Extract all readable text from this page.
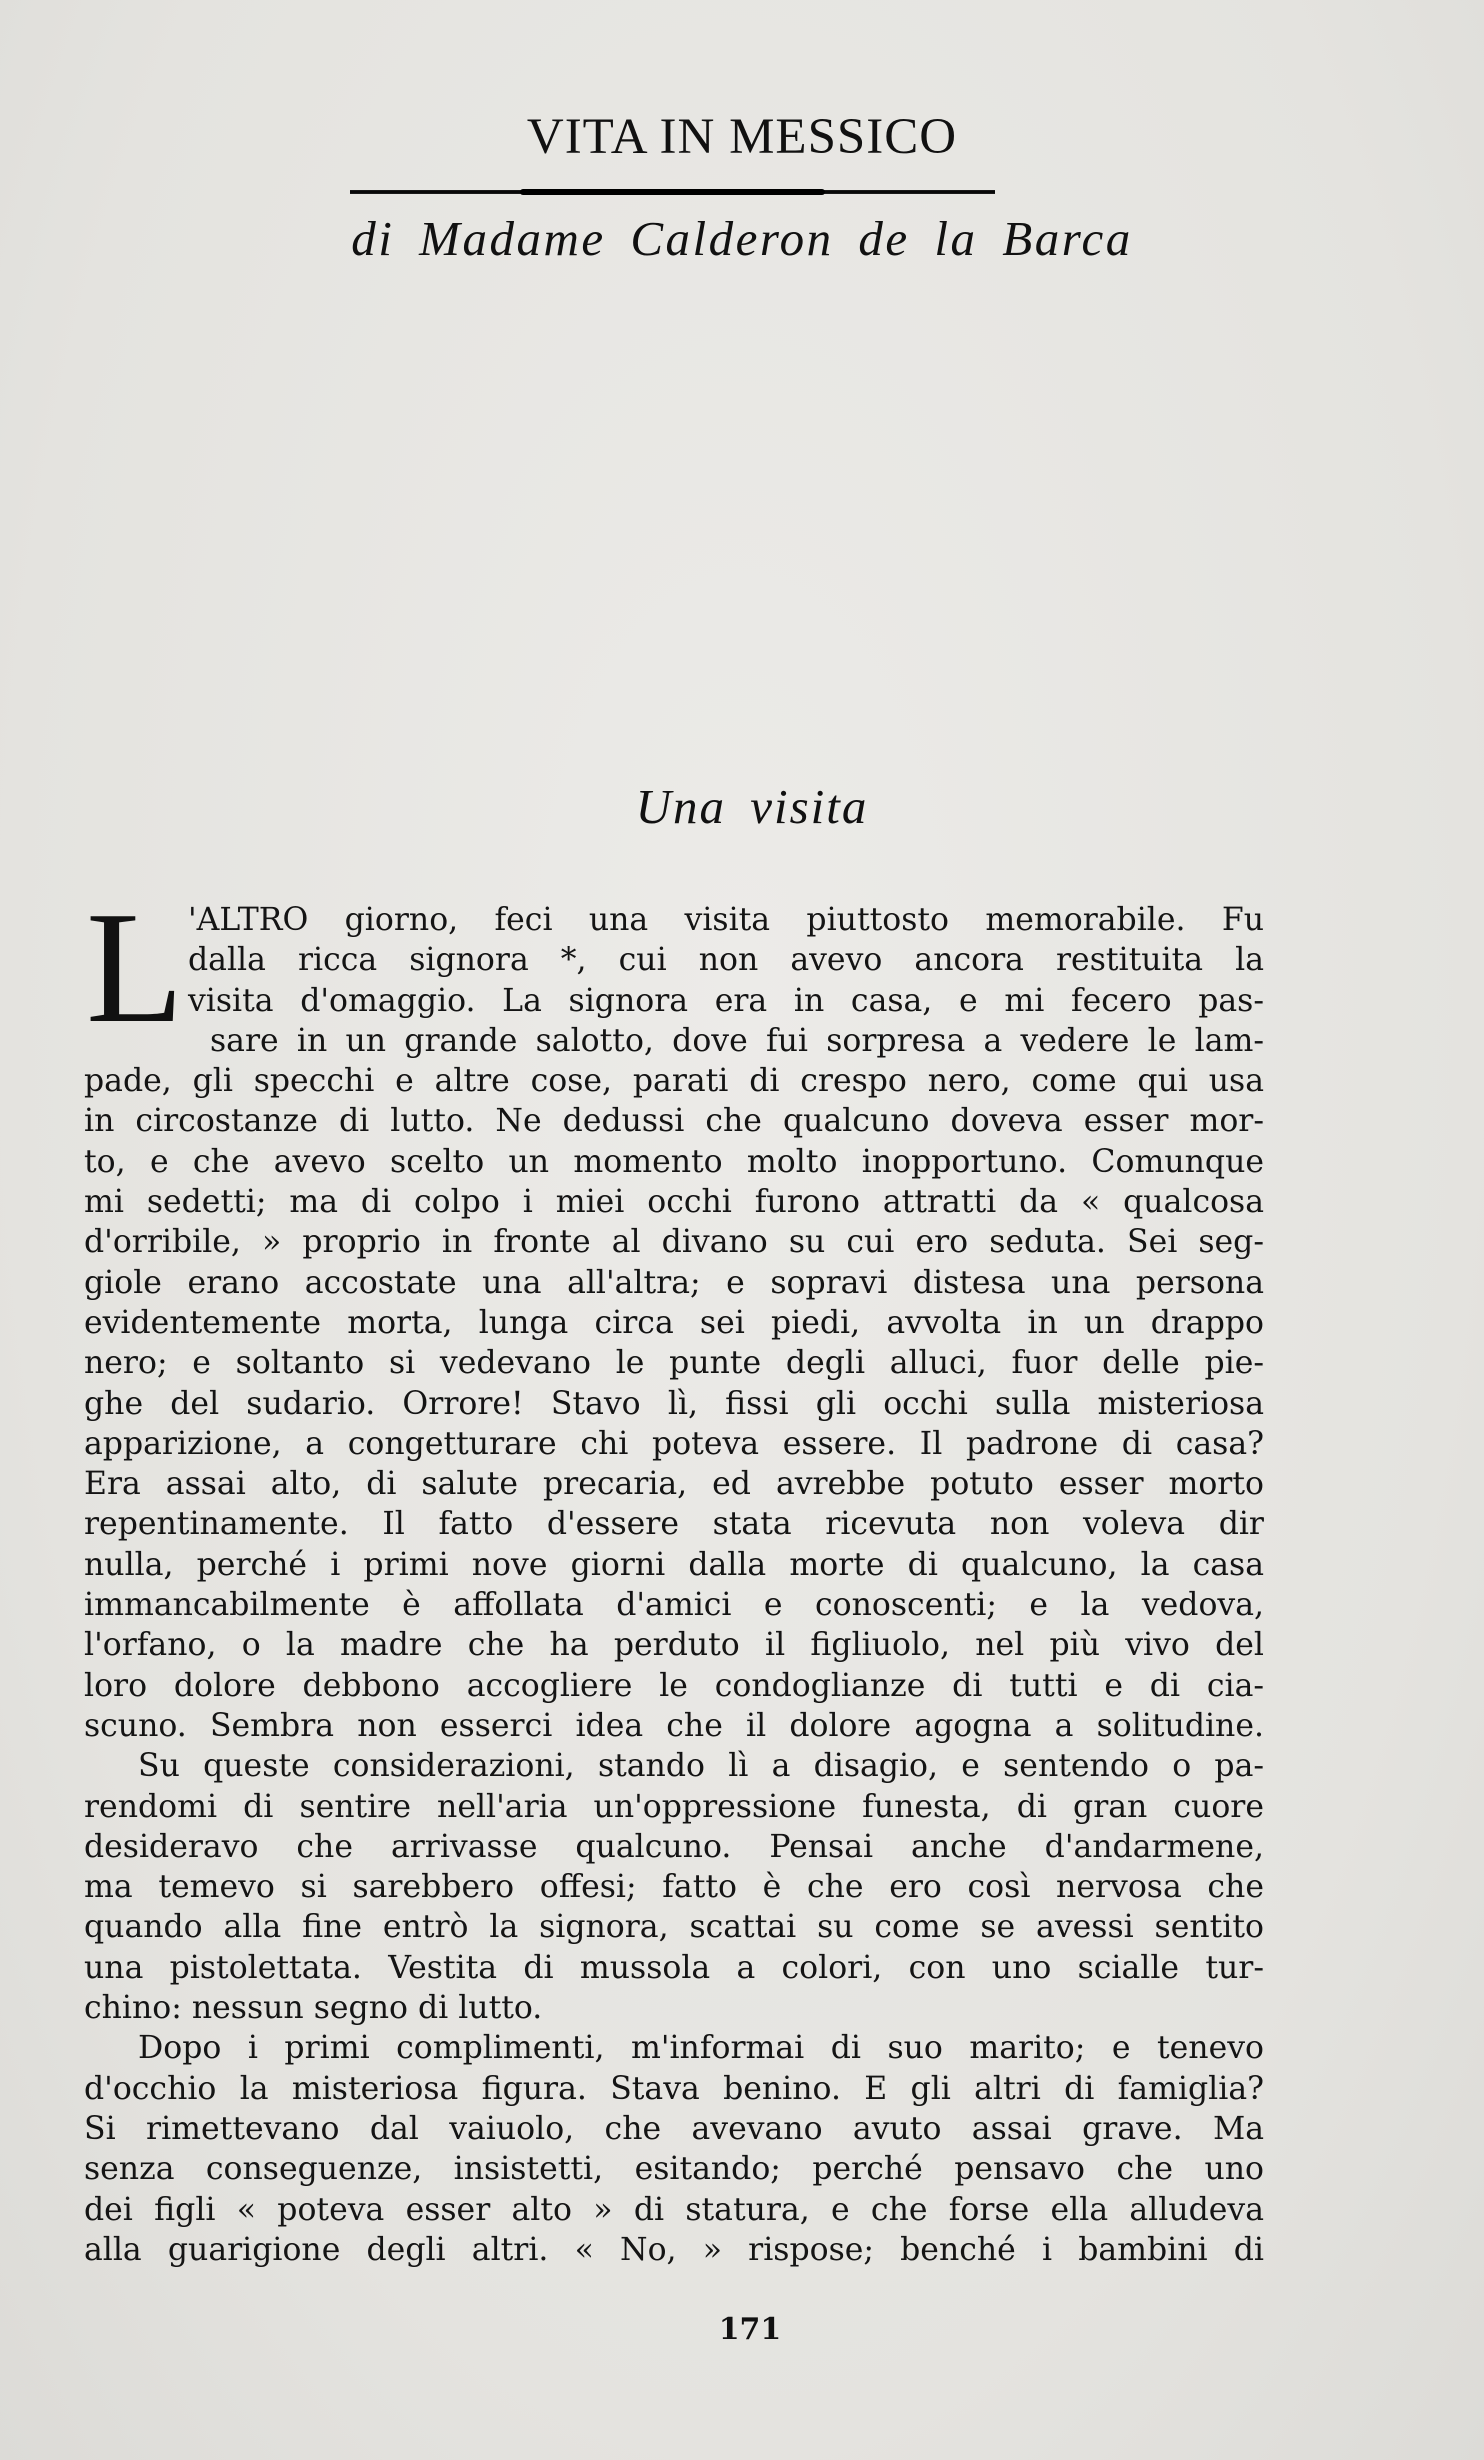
VITA IN MESSICO
di Madame Calderon de la Barca
Una visita
L 'ALTRO giorno, feci una visita piuttosto memorabile. Fu
dalla ricca signora *, cui non avevo ancora restituita la
visita d'omaggio. La signora era in casa, e mi fecero pas-
sare in un grande salotto, dove fui sorpresa a vedere le lam-
pade, gli specchi e altre cose, parati di crespo nero, come qui usa
in circostanze di lutto. Ne dedussi che qualcuno doveva esser mor-
to, e che avevo scelto un momento molto inopportuno. Comunque
mi sedetti; ma di colpo i miei occhi furono attratti da « qualcosa
d'orribile, » proprio in fronte al divano su cui ero seduta. Sei seg-
giole erano accostate una all'altra; e sopravi distesa una persona
evidentemente morta, lunga circa sei piedi, avvolta in un drappo
nero; e soltanto si vedevano le punte degli alluci, fuor delle pie-
ghe del sudario. Orrore! Stavo lì, fissi gli occhi sulla misteriosa
apparizione, a congetturare chi poteva essere. Il padrone di casa?
Era assai alto, di salute precaria, ed avrebbe potuto esser morto
repentinamente. Il fatto d'essere stata ricevuta non voleva dir
nulla, perché i primi nove giorni dalla morte di qualcuno, la casa
immancabilmente è affollata d'amici e conoscenti; e la vedova,
l'orfano, o la madre che ha perduto il figliuolo, nel più vivo del
loro dolore debbono accogliere le condoglianze di tutti e di cia-
scuno. Sembra non esserci idea che il dolore agogna a solitudine.
Su queste considerazioni, stando lì a disagio, e sentendo o pa-
rendomi di sentire nell'aria un'oppressione funesta, di gran cuore
desideravo che arrivasse qualcuno. Pensai anche d'andarmene,
ma temevo si sarebbero offesi; fatto è che ero così nervosa che
quando alla fine entrò la signora, scattai su come se avessi sentito
una pistolettata. Vestita di mussola a colori, con uno scialle tur-
chino: nessun segno di lutto.
Dopo i primi complimenti, m'informai di suo marito; e tenevo
d'occhio la misteriosa figura. Stava benino. E gli altri di famiglia?
Si rimettevano dal vaiuolo, che avevano avuto assai grave. Ma
senza conseguenze, insistetti, esitando; perché pensavo che uno
dei figli « poteva esser alto » di statura, e che forse ella alludeva
alla guarigione degli altri. « No, » rispose; benché i bambini di
171
